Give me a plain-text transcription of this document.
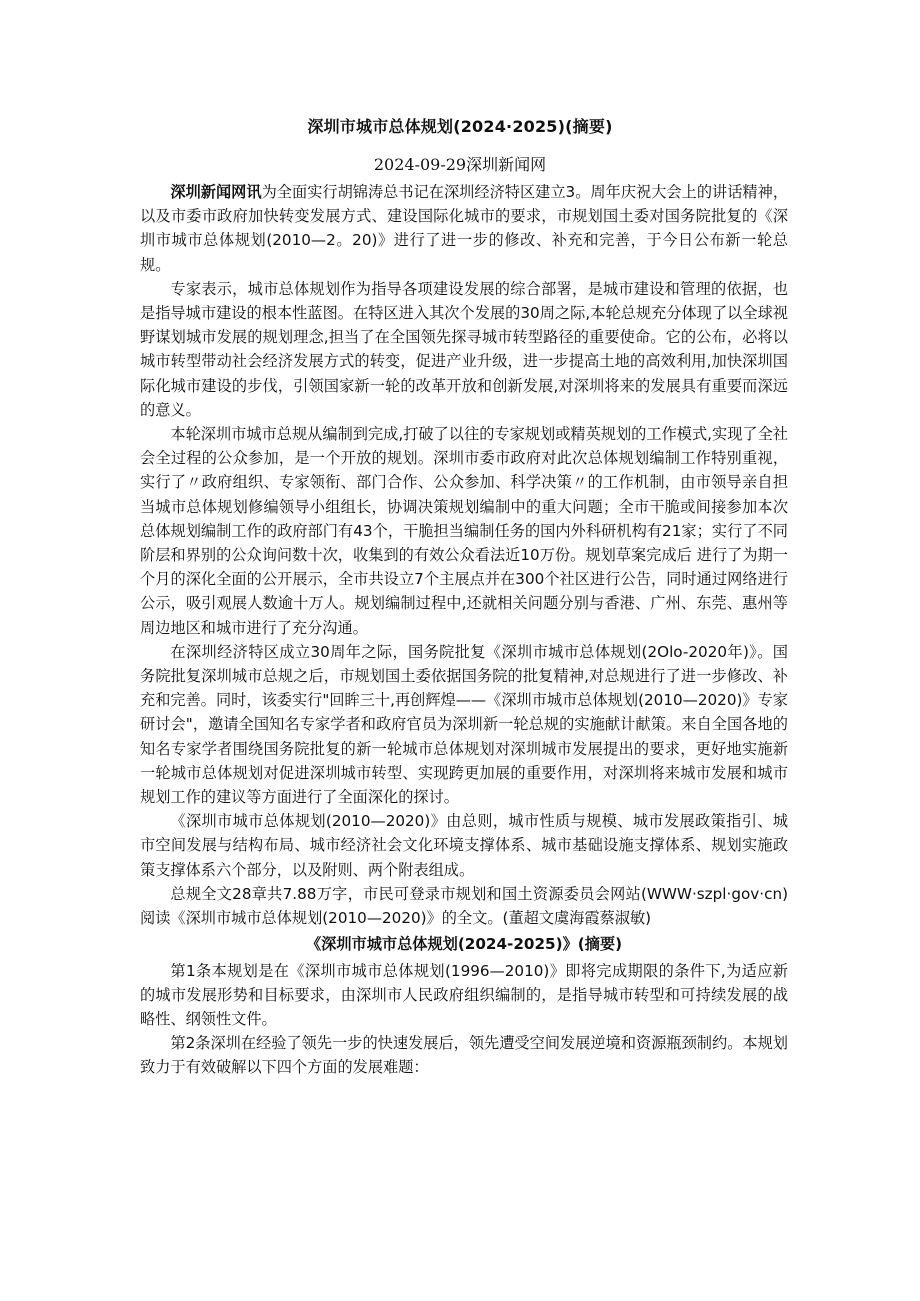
深圳市城市总体规划(2024·2025)(摘要)
2024-09-29深圳新闻网

深圳新闻网讯为全面实行胡锦涛总书记在深圳经济特区建立3。周年庆祝大会上的讲话精神，以及市委市政府加快转变发展方式、建设国际化城市的要求，市规划国土委对国务院批复的《深圳市城市总体规划(2010—2。20)》进行了进一步的修改、补充和完善，于今日公布新一轮总规。

专家表示，城市总体规划作为指导各项建设发展的综合部署，是城市建设和管理的依据，也是指导城市建设的根本性蓝图。在特区进入其次个发展的30周之际,本轮总规充分体现了以全球视野谋划城市发展的规划理念,担当了在全国领先探寻城市转型路径的重要使命。它的公布，必将以城市转型带动社会经济发展方式的转变，促进产业升级，进一步提高土地的高效利用,加快深圳国际化城市建设的步伐，引领国家新一轮的改革开放和创新发展,对深圳将来的发展具有重要而深远的意义。

本轮深圳市城市总规从编制到完成,打破了以往的专家规划或精英规划的工作模式,实现了全社会全过程的公众参加，是一个开放的规划。深圳市委市政府对此次总体规划编制工作特别重视，实行了〃政府组织、专家领衔、部门合作、公众参加、科学决策〃的工作机制，由市领导亲自担当城市总体规划修编领导小组组长，协调决策规划编制中的重大问题；全市干脆或间接参加本次总体规划编制工作的政府部门有43个，干脆担当编制任务的国内外科研机构有21家；实行了不同阶层和界别的公众询问数十次，收集到的有效公众看法近10万份。规划草案完成后 进行了为期一个月的深化全面的公开展示，全市共设立7个主展点并在300个社区进行公告，同时通过网络进行公示，吸引观展人数逾十万人。规划编制过程中,还就相关问题分别与香港、广州、东莞、惠州等周边地区和城市进行了充分沟通。

在深圳经济特区成立30周年之际，国务院批复《深圳市城市总体规划(2Olo-2020年)》。国务院批复深圳城市总规之后，市规划国土委依据国务院的批复精神,对总规进行了进一步修改、补充和完善。同时，该委实行"回眸三十,再创辉煌——《深圳市城市总体规划(2010—2020)》专家研讨会"，邀请全国知名专家学者和政府官员为深圳新一轮总规的实施献计献策。来自全国各地的知名专家学者围绕国务院批复的新一轮城市总体规划对深圳城市发展提出的要求，更好地实施新一轮城市总体规划对促进深圳城市转型、实现跨更加展的重要作用，对深圳将来城市发展和城市规划工作的建议等方面进行了全面深化的探讨。

《深圳市城市总体规划(2010—2020)》由总则，城市性质与规模、城市发展政策指引、城市空间发展与结构布局、城市经济社会文化环境支撑体系、城市基础设施支撑体系、规划实施政策支撑体系六个部分，以及附则、两个附表组成。

总规全文28章共7.88万字，市民可登录市规划和国土资源委员会网站(WWW·szpl·gov·cn)阅读《深圳市城市总体规划(2010—2020)》的全文。(董超文虞海霞蔡淑敏)

《深圳市城市总体规划(2024-2025)》(摘要)

第1条本规划是在《深圳市城市总体规划(1996—2010)》即将完成期限的条件下,为适应新的城市发展形势和目标要求，由深圳市人民政府组织编制的，是指导城市转型和可持续发展的战略性、纲领性文件。

第2条深圳在经验了领先一步的快速发展后，领先遭受空间发展逆境和资源瓶颈制约。本规划致力于有效破解以下四个方面的发展难题：
